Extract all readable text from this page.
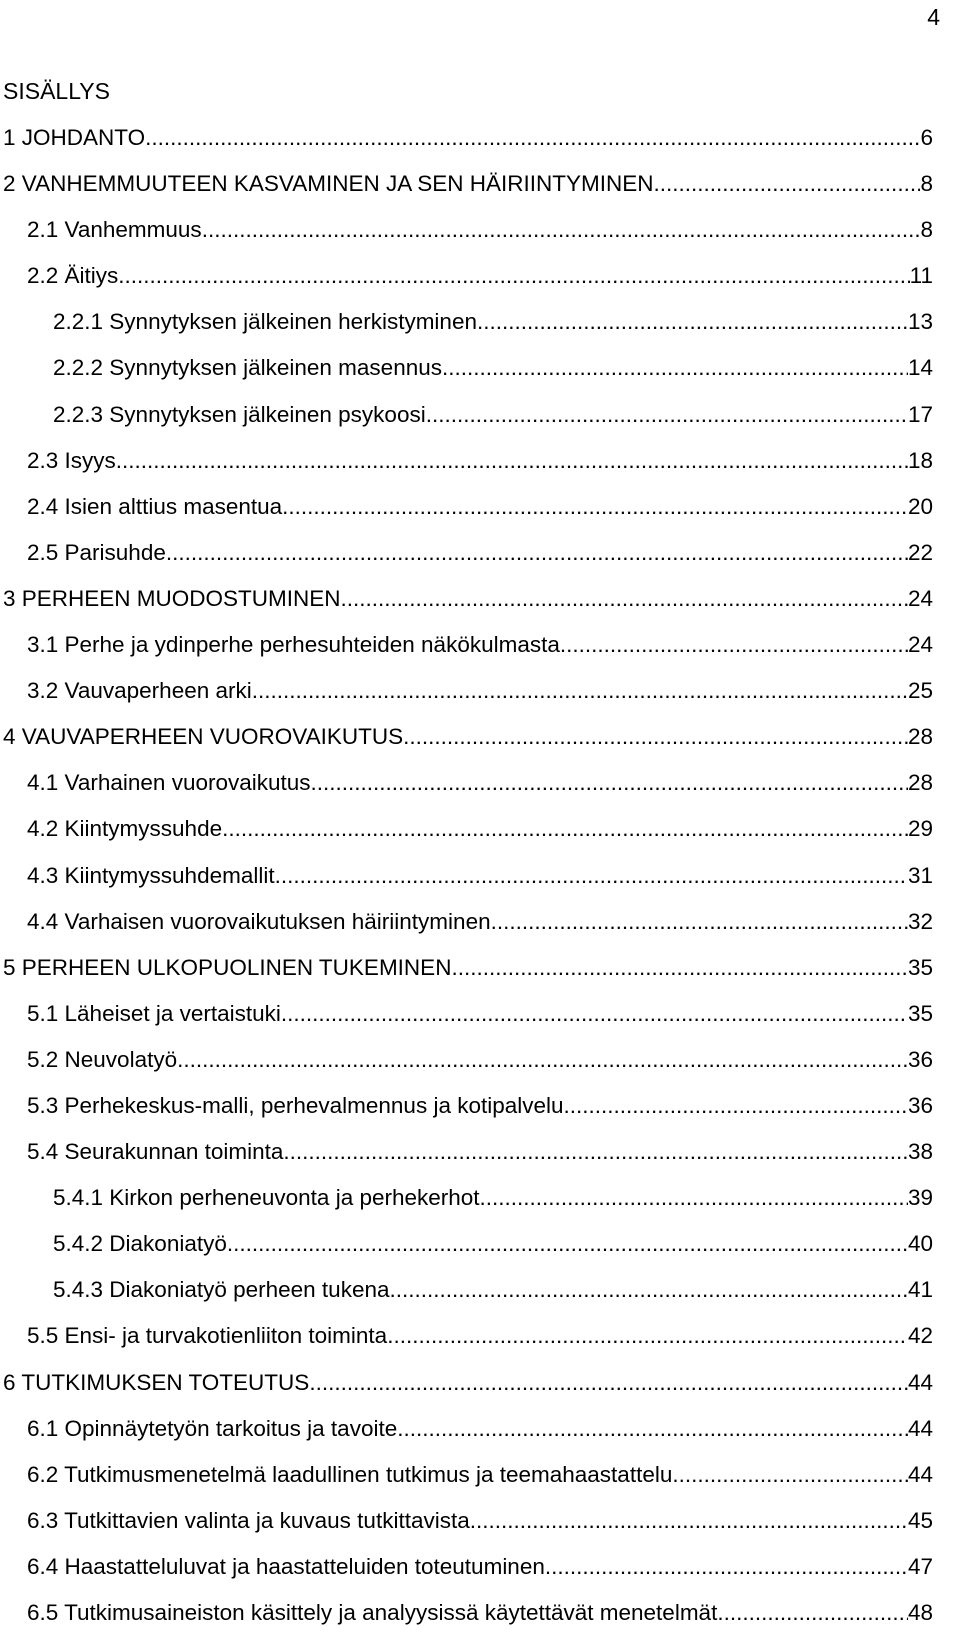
4
SISÄLLYS
1 JOHDANTO .....	6
2 VANHEMMUUTEEN KASVAMINEN JA SEN HÄIRIINTYMINEN .....	8
2.1 Vanhemmuus .....	8
2.2 Äitiys .....	11
2.2.1 Synnytyksen jälkeinen herkistyminen .....	13
2.2.2 Synnytyksen jälkeinen masennus .....	14
2.2.3 Synnytyksen jälkeinen psykoosi .....	17
2.3 Isyys .....	18
2.4 Isien alttius masentua .....	20
2.5 Parisuhde .....	22
3 PERHEEN MUODOSTUMINEN .....	24
3.1 Perhe ja ydinperhe perhesuhteiden näkökulmasta .....	24
3.2 Vauvaperheen arki .....	25
4 VAUVAPERHEEN VUOROVAIKUTUS .....	28
4.1 Varhainen vuorovaikutus .....	28
4.2 Kiintymyssuhde .....	29
4.3 Kiintymyssuhdemallit .....	31
4.4 Varhaisen vuorovaikutuksen häiriintyminen .....	32
5 PERHEEN ULKOPUOLINEN TUKEMINEN .....	35
5.1 Läheiset ja vertaistuki .....	35
5.2 Neuvolatyö .....	36
5.3 Perhekeskus-malli, perhevalmennus ja kotipalvelu .....	36
5.4 Seurakunnan toiminta .....	38
5.4.1 Kirkon perheneuvonta ja perhekerhot .....	39
5.4.2 Diakoniatyö .....	40
5.4.3 Diakoniatyö perheen tukena .....	41
5.5 Ensi- ja turvakotienliiton toiminta .....	42
6 TUTKIMUKSEN TOTEUTUS .....	44
6.1 Opinnäytetyön tarkoitus ja tavoite .....	44
6.2 Tutkimusmenetelmä laadullinen tutkimus ja teemahaastattelu .....	44
6.3 Tutkittavien valinta ja kuvaus tutkittavista .....	45
6.4 Haastatteluluvat ja haastatteluiden toteutuminen .....	47
6.5 Tutkimusaineiston käsittely ja analyysissä käytettävät menetelmät .....	48
